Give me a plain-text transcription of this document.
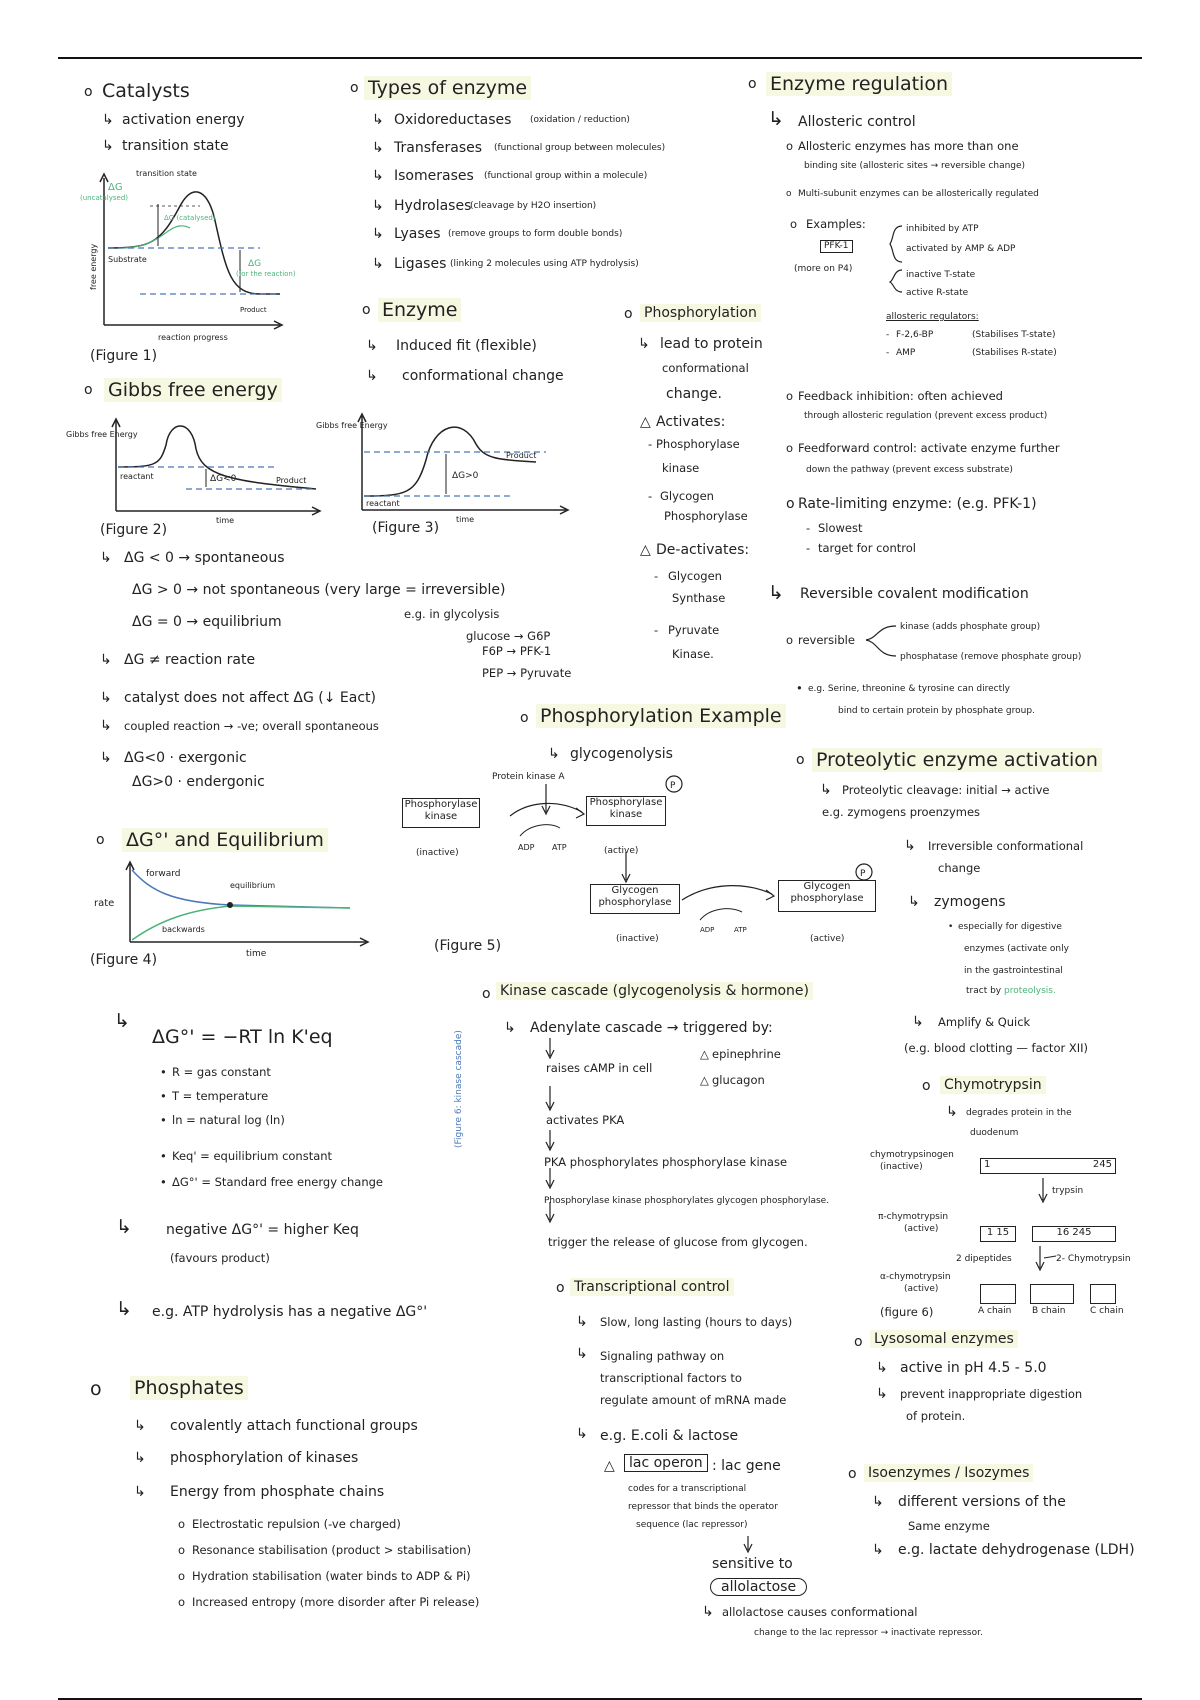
o Catalysts
↳ activation energy
↳ transition state
transition state
ΔG
(uncatalysed)
ΔG (catalysed)
ΔG
(for the reaction)
Substrate
Product
free energy
reaction progress
(Figure 1)
o Gibbs free energy
Gibbs free Energy
reactant	Product
ΔG<0
time
(Figure 2)
Gibbs free Energy
reactant
Product
ΔG>0
time
(Figure 3)
↳ ΔG < 0 → spontaneous
ΔG > 0 → not spontaneous (very large = irreversible)
ΔG = 0 → equilibrium
↳ ΔG ≠ reaction rate
e.g. in glycolysis
glucose → G6P
F6P → PFK-1
PEP → Pyruvate
↳ catalyst does not affect ΔG (↓ Eact)
↳ coupled reaction → -ve; overall spontaneous
↳ ΔG<0 · exergonic
ΔG>0 · endergonic
o ΔG°' and Equilibrium
forward
equilibrium
backwards
rate
time
(Figure 4)
↳
ΔG°' = −RT ln K'eq
• R = gas constant
• T = temperature
• ln = natural log (ln)
• Keq' = equilibrium constant
• ΔG°' = Standard free energy change
↳ negative ΔG°' = higher Keq
(favours product)
↳ e.g. ATP hydrolysis has a negative ΔG°'
o Phosphates
↳ covalently attach functional groups
↳ phosphorylation of kinases
↳ Energy from phosphate chains
o Electrostatic repulsion (-ve charged)
o Resonance stabilisation (product > stabilisation)
o Hydration stabilisation (water binds to ADP & Pi)
o Increased entropy (more disorder after Pi release)
o Types of enzyme
↳ Oxidoreductases (oxidation / reduction)
↳ Transferases (functional group between molecules)
↳ Isomerases (functional group within a molecule)
↳ Hydrolases
(cleavage by H2O insertion)
↳ Lyases (remove groups to form double bonds)
↳ Ligases (linking 2 molecules using ATP hydrolysis)
o Enzyme
↳ Induced fit (flexible)
↳ conformational change
o Phosphorylation
↳ lead to protein
conformational
change.
△ Activates:
- Phosphorylase
kinase
- Glycogen
Phosphorylase
△ De-activates:
- Glycogen
Synthase
- Pyruvate
Kinase.
o Phosphorylation Example
↳ glycogenolysis
Protein kinase A
Phosphorylase kinase
(inactive)
Phosphorylase kinase
(active)
Glycogen phosphorylase
(inactive)
Glycogen phosphorylase
(active)
P
P
ADP ATP
ADP	ATP
(Figure 5)
o Kinase cascade (glycogenolysis & hormone)
↳ Adenylate cascade → triggered by:
△ epinephrine
△ glucagon
(Figure 6: kinase cascade)	raises cAMP in cell
activates PKA
PKA phosphorylates phosphorylase kinase
Phosphorylase kinase phosphorylates glycogen phosphorylase.
trigger the release of glucose from glycogen.
o Transcriptional control
↳ Slow, long lasting (hours to days)
↳ Signaling pathway on
transcriptional factors to
regulate amount of mRNA made
↳ e.g. E.coli & lactose
△	lac operon : lac gene
codes for a transcriptional
repressor that binds the operator
sequence (lac repressor)
sensitive to
allolactose
↳ allolactose causes conformational
change to the lac repressor → inactivate repressor.
o Enzyme regulation
↳ Allosteric control
o Allosteric enzymes has more than one
binding site (allosteric sites → reversible change)
o Multi-subunit enzymes can be allosterically regulated
o Examples:
PFK-1
(more on P4)
inhibited by ATP
activated by AMP & ADP
inactive T-state
active R-state
allosteric regulators:
- F-2,6-BP	(Stabilises T-state)
- AMP	(Stabilises R-state)
o Feedback inhibition: often achieved
through allosteric regulation (prevent excess product)
o Feedforward control: activate enzyme further
down the pathway (prevent excess substrate)
o Rate-limiting enzyme: (e.g. PFK-1)
- Slowest
- target for control
↳ Reversible covalent modification
o reversible
kinase (adds phosphate group)
phosphatase (remove phosphate group)
• e.g. Serine, threonine & tyrosine can directly
bind to certain protein by phosphate group.
o Proteolytic enzyme activation
↳ Proteolytic cleavage: initial → active
e.g. zymogens proenzymes
↳ Irreversible conformational
change
↳ zymogens
• especially for digestive
enzymes (activate only
in the gastrointestinal
tract by proteolysis.
↳ Amplify & Quick
(e.g. blood clotting — factor XII)
o Chymotrypsin
↳ degrades protein in the
duodenum
chymotrypsinogen
(inactive)	1	245
trypsin
π-chymotrypsin
(active)	1 15	16 245
2 dipeptides	2- Chymotrypsin
α-chymotrypsin
(active)
A chain B chain	C chain
(figure 6)
o Lysosomal enzymes
↳ active in pH 4.5 - 5.0
↳ prevent inappropriate digestion
of protein.
o Isoenzymes / Isozymes
↳ different versions of the
Same enzyme
↳ e.g. lactate dehydrogenase (LDH)
